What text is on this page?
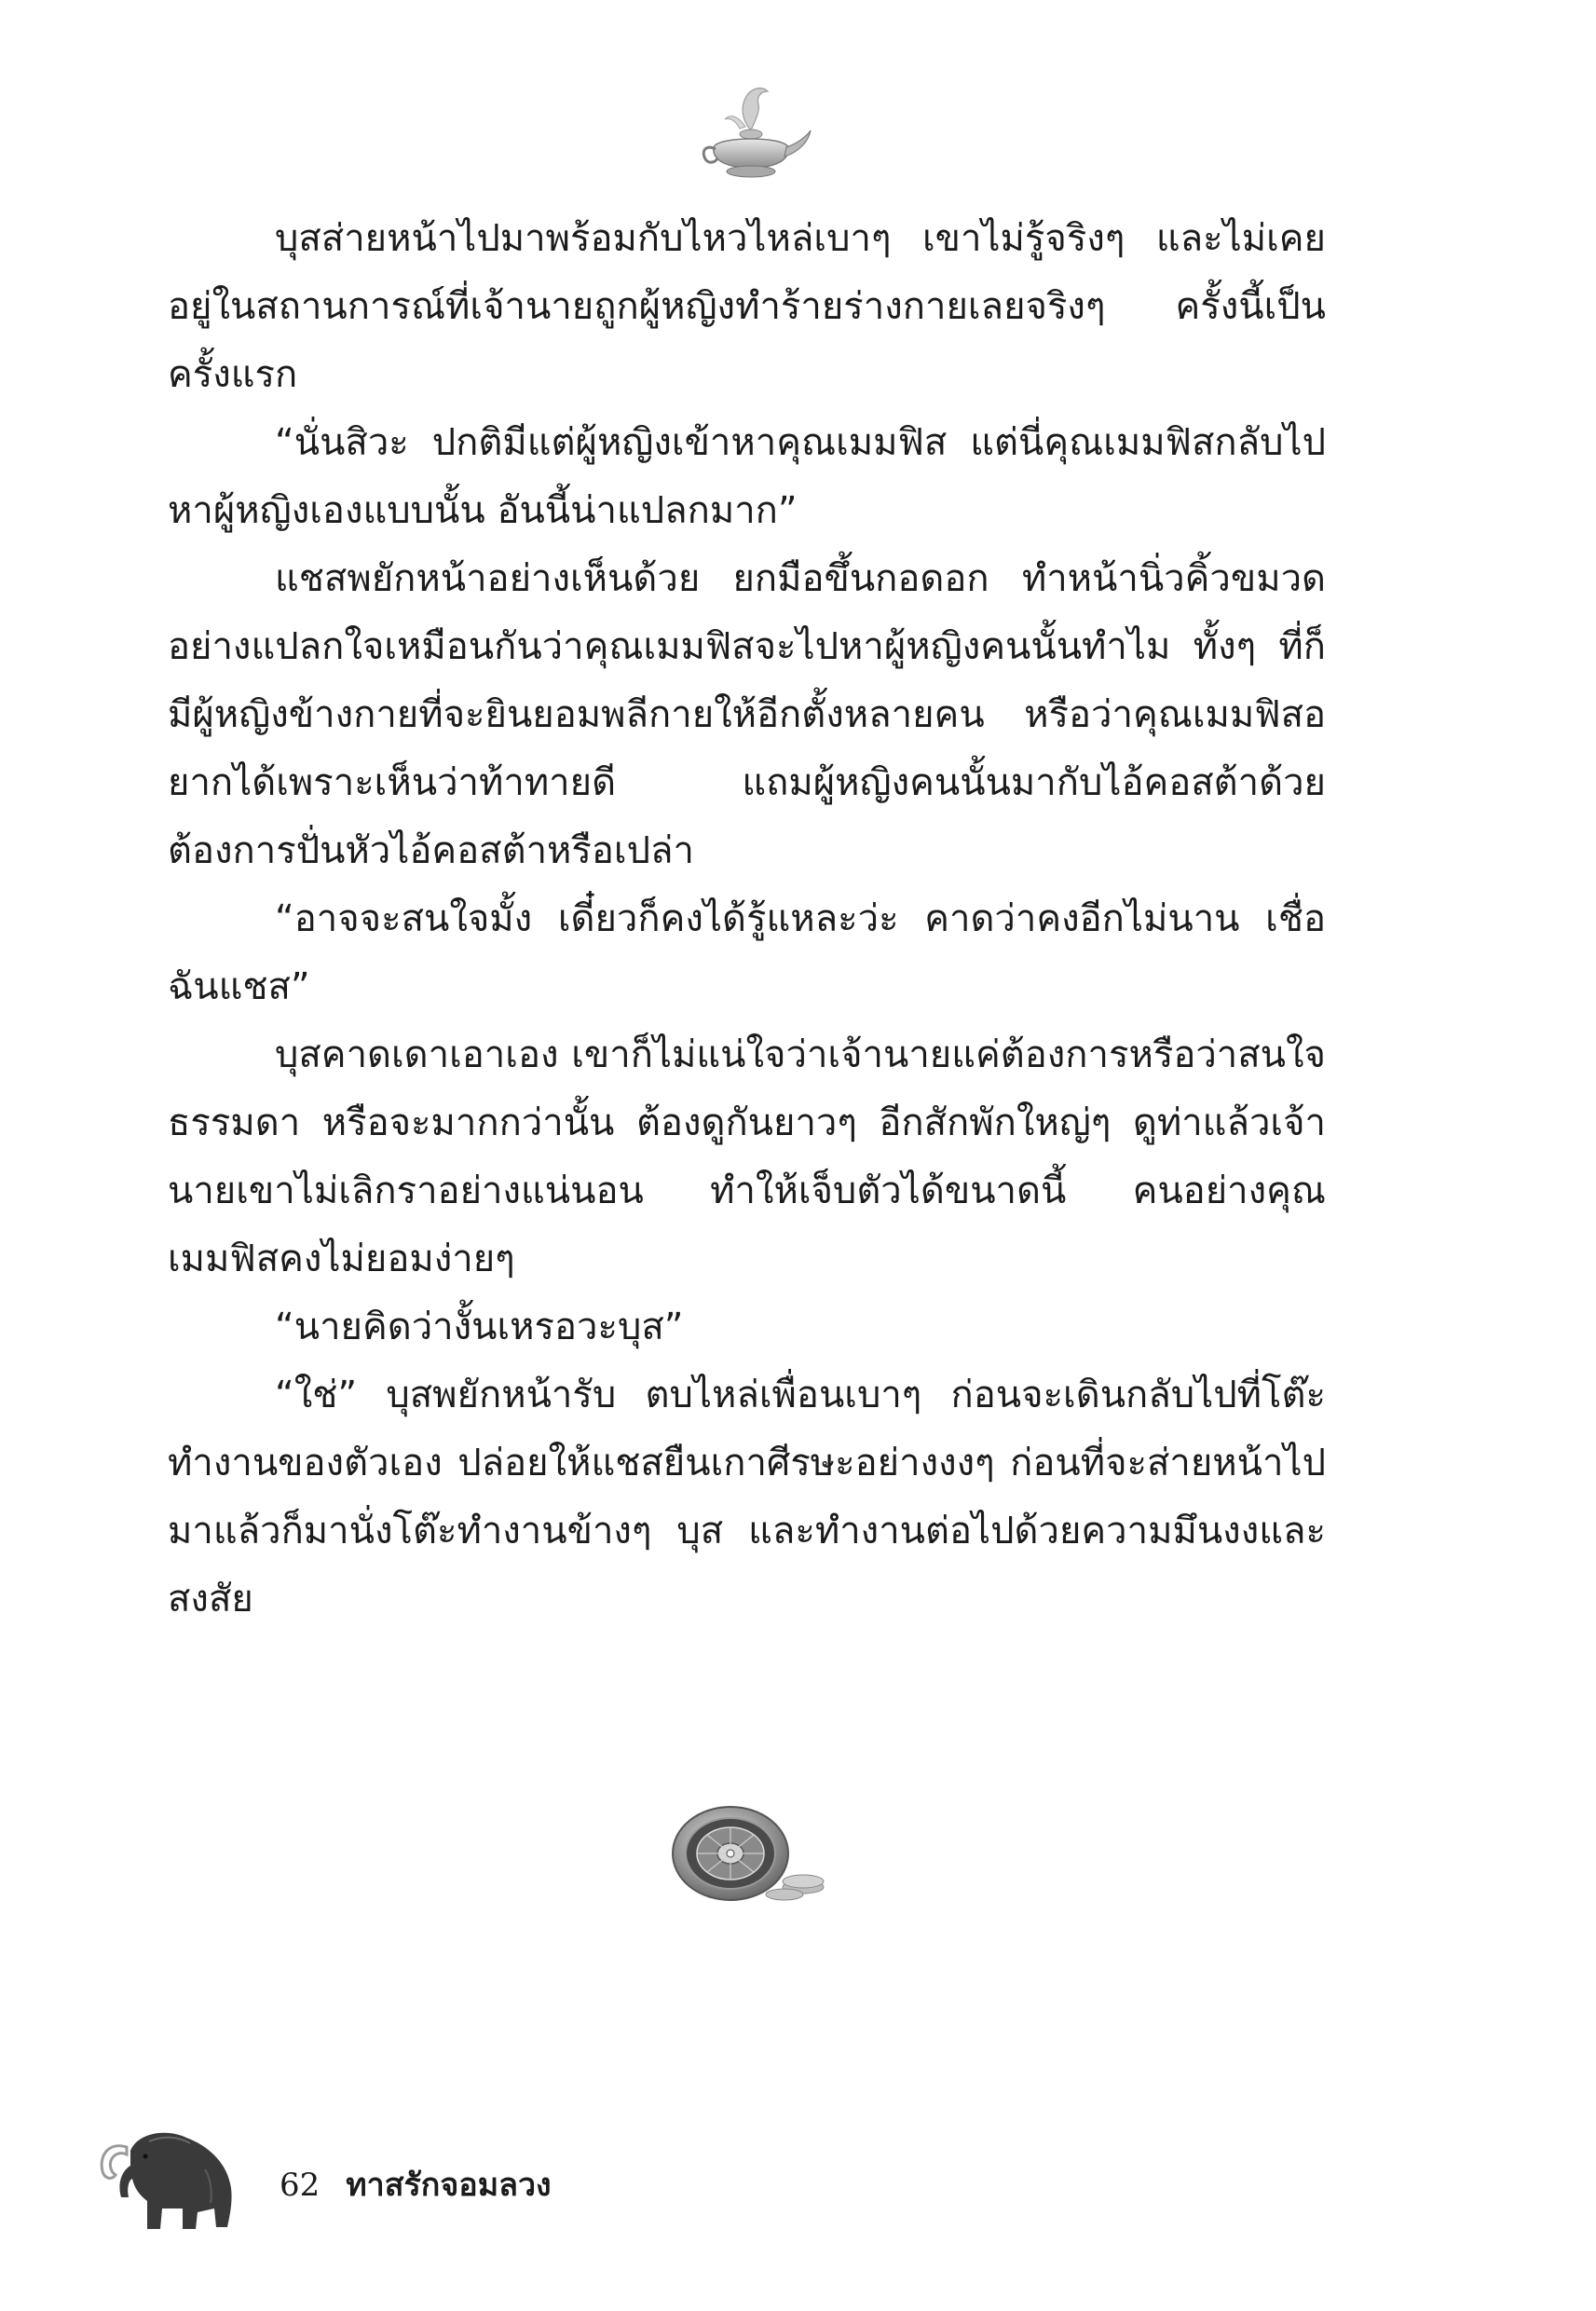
บุสส่ายหน้าไปมาพร้อมกับไหวไหล่เบาๆ เขาไม่รู้จริงๆ และไม่เคยอยู่ในสถานการณ์ที่เจ้านายถูกผู้หญิงทำร้ายร่างกายเลยจริงๆ ครั้งนี้เป็นครั้งแรก

“นั่นสิวะ ปกติมีแต่ผู้หญิงเข้าหาคุณเมมฟิส แต่นี่คุณเมมฟิสกลับไปหาผู้หญิงเองแบบนั้น อันนี้น่าแปลกมาก”

แชสพยักหน้าอย่างเห็นด้วย ยกมือขึ้นกอดอก ทำหน้านิ่วคิ้วขมวดอย่างแปลกใจเหมือนกันว่าคุณเมมฟิสจะไปหาผู้หญิงคนนั้นทำไม ทั้งๆ ที่ก็มีผู้หญิงข้างกายที่จะยินยอมพลีกายให้อีกตั้งหลายคน หรือว่าคุณเมมฟิสอยากได้เพราะเห็นว่าท้าทายดี แถมผู้หญิงคนนั้นมากับไอ้คอสต้าด้วย ต้องการปั่นหัวไอ้คอสต้าหรือเปล่า

“อาจจะสนใจมั้ง เดี๋ยวก็คงได้รู้แหละว่ะ คาดว่าคงอีกไม่นาน เชื่อฉันแชส”

บุสคาดเดาเอาเอง เขาก็ไม่แน่ใจว่าเจ้านายแค่ต้องการหรือว่าสนใจธรรมดา หรือจะมากกว่านั้น ต้องดูกันยาวๆ อีกสักพักใหญ่ๆ ดูท่าแล้วเจ้านายเขาไม่เลิกราอย่างแน่นอน ทำให้เจ็บตัวได้ขนาดนี้ คนอย่างคุณเมมฟิสคงไม่ยอมง่ายๆ

“นายคิดว่างั้นเหรอวะบุส”

“ใช่” บุสพยักหน้ารับ ตบไหล่เพื่อนเบาๆ ก่อนจะเดินกลับไปที่โต๊ะทำงานของตัวเอง ปล่อยให้แชสยืนเกาศีรษะอย่างงงๆ ก่อนที่จะส่ายหน้าไปมาแล้วก็มานั่งโต๊ะทำงานข้างๆ บุส และทำงานต่อไปด้วยความมึนงงและสงสัย

62 ทาสรักจอมลวง
